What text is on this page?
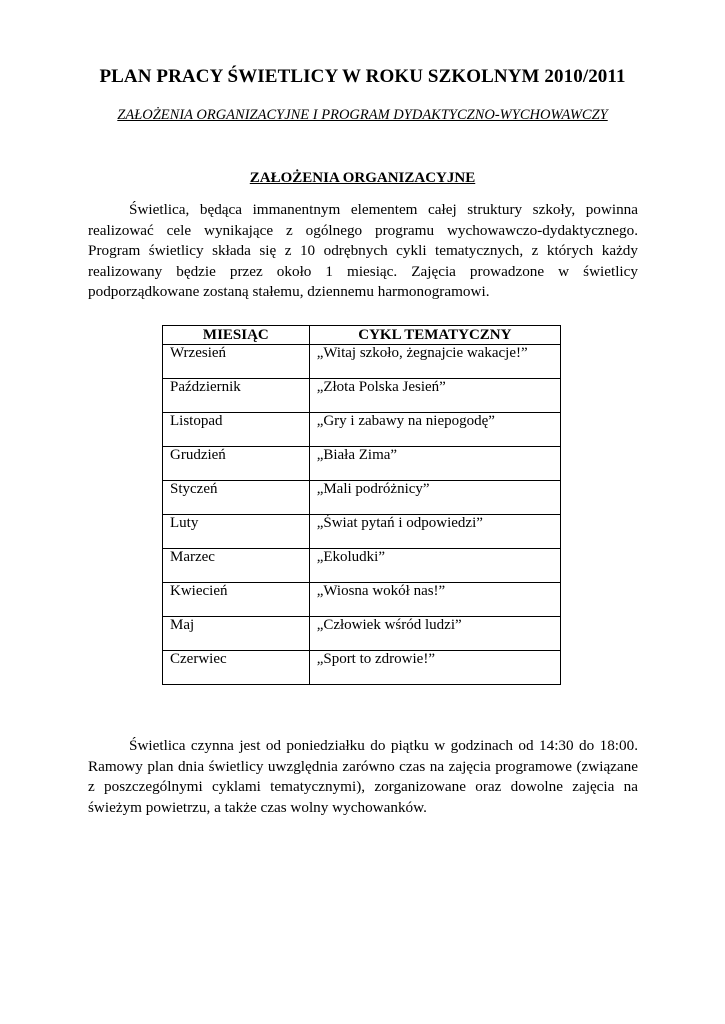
PLAN PRACY ŚWIETLICY W ROKU SZKOLNYM 2010/2011
ZAŁOŻENIA ORGANIZACYJNE I PROGRAM DYDAKTYCZNO-WYCHOWAWCZY
ZAŁOŻENIA ORGANIZACYJNE

Świetlica, będąca immanentnym elementem całej struktury szkoły, powinna realizować cele wynikające z ogólnego programu wychowawczo-dydaktycznego. Program świetlicy składa się z 10 odrębnych cykli tematycznych, z których każdy realizowany będzie przez około 1 miesiąc. Zajęcia prowadzone w świetlicy podporządkowane zostaną stałemu, dziennemu harmonogramowi.

MIESIĄC	CYKL TEMATYCZNY
Wrzesień	„Witaj szkoło, żegnajcie wakacje!”
Październik	„Złota Polska Jesień”
Listopad	„Gry i zabawy na niepogodę”
Grudzień	„Biała Zima”
Styczeń	„Mali podróżnicy”
Luty	„Świat pytań i odpowiedzi”
Marzec	„Ekoludki”
Kwiecień	„Wiosna wokół nas!”
Maj	„Człowiek wśród ludzi”
Czerwiec	„Sport to zdrowie!”

Świetlica czynna jest od poniedziałku do piątku w godzinach od 14:30 do 18:00. Ramowy plan dnia świetlicy uwzględnia zarówno czas na zajęcia programowe (związane z poszczególnymi cyklami tematycznymi), zorganizowane oraz dowolne zajęcia na świeżym powietrzu, a także czas wolny wychowanków.
